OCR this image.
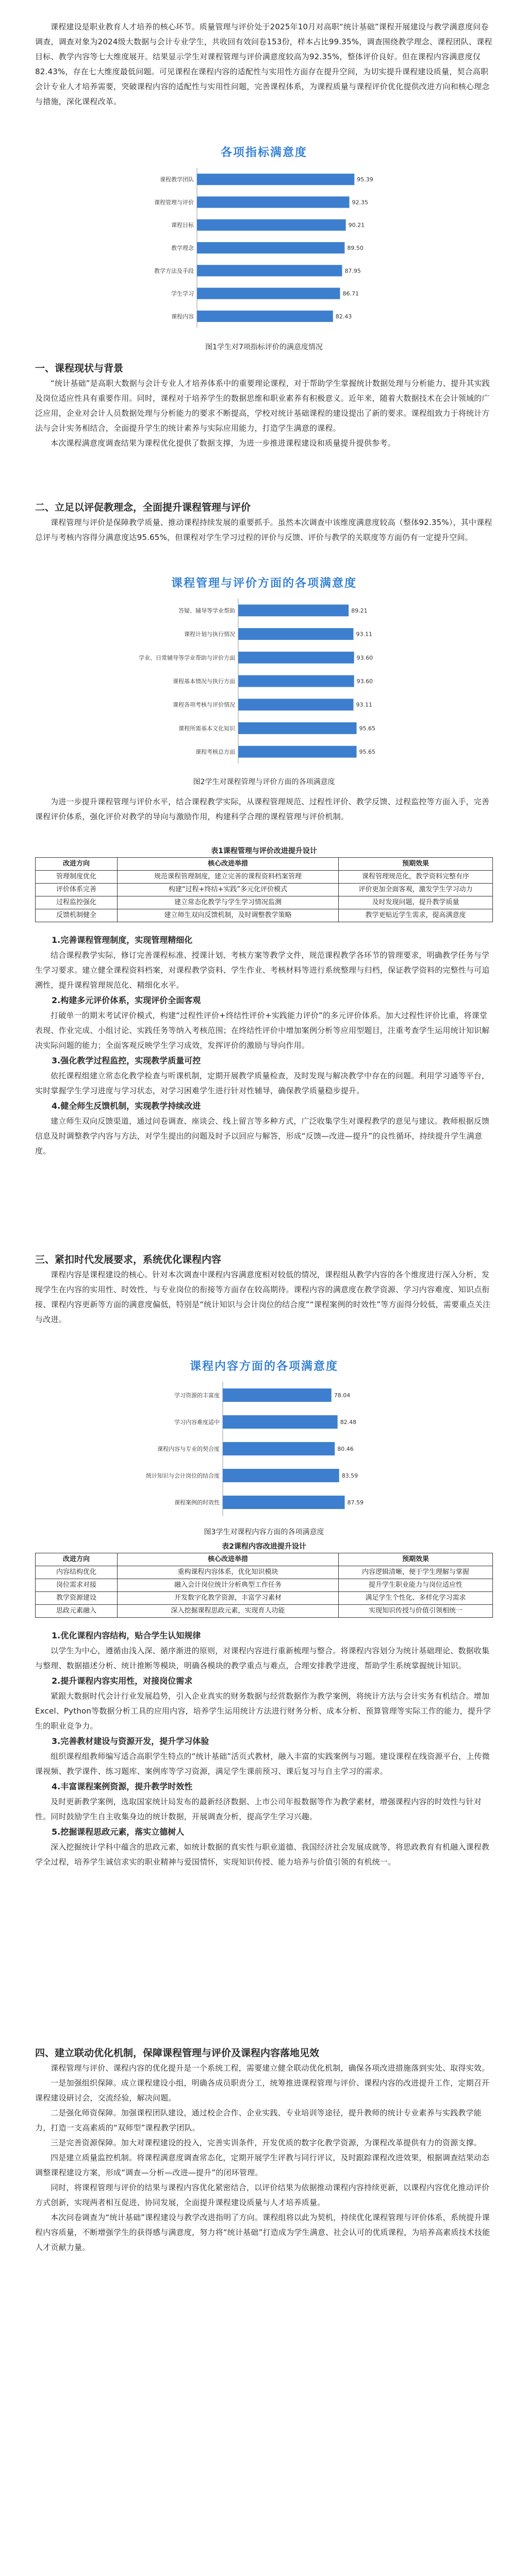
课程建设是职业教育人才培养的核心环节。质量管理与评价处于2025年10月对高职“统计基础”课程开展建设与教学满意度问卷调查，调查对象为2024级大数据与会计专业学生，共收回有效问卷153份，样本占比99.35%，调查围绕教学理念、课程团队、课程目标、教学内容等七大维度展开。结果显示学生对课程管理与评价满意度较高为92.35%，整体评价良好。但在课程内容满意度仅82.43%，存在七大维度最低问题。可见课程在课程内容的适配性与实用性方面存在提升空间，为切实提升课程建设质量，契合高职会计专业人才培养需要，突破课程内容的适配性与实用性问题，完善课程体系，为课程质量与课程评价优化提供改进方向和核心理念与措施，深化课程改革。

各项指标满意度
课程教学团队	95.39
课程管理与评价	92.35
课程目标	90.21
教学理念	89.50
教学方法及手段	87.95
学生学习	86.71
课程内容	82.43
图1学生对7项指标评价的满意度情况
一、课程现状与背景

“统计基础”是高职大数据与会计专业人才培养体系中的重要理论课程，对于帮助学生掌握统计数据处理与分析能力、提升其实践及岗位适应性具有重要作用。同时，课程对于培养学生的数据思维和职业素养有积极意义。近年来，随着大数据技术在会计领域的广泛应用，企业对会计人员数据处理与分析能力的要求不断提高，学校对统计基础课程的建设提出了新的要求。课程组致力于将统计方法与会计实务相结合，全面提升学生的统计素养与实际应用能力，打造学生满意的课程。

本次课程满意度调查结果为课程优化提供了数据支撑，为进一步推进课程建设和质量提升提供参考。

二、立足以评促教理念，全面提升课程管理与评价

课程管理与评价是保障教学质量、推动课程持续发展的重要抓手。虽然本次调查中该维度满意度较高（整体92.35%），其中课程总评与考核内容得分满意度达95.65%，但课程对学生学习过程的评价与反馈、评价与教学的关联度等方面仍有一定提升空间。

课程管理与评价方面的各项满意度
答疑、辅导等学业帮助	89.21
课程计划与执行情况	93.11
学业、日常辅导等学业帮助与评价方面	93.60
课程基本情况与执行方面	93.60
课程各项考核与评价情况	93.11
课程所需基本文化知识	95.65
课程考核总方面	95.65
图2学生对课程管理与评价方面的各项满意度

为进一步提升课程管理与评价水平，结合课程教学实际，从课程管理规范、过程性评价、教学反馈、过程监控等方面入手，完善课程评价体系，强化评价对教学的导向与激励作用，构建科学合理的课程管理与评价机制。

表1课程管理与评价改进提升设计
改进方向	核心改进举措	预期效果
管理制度优化	规范课程管理制度，建立完善的课程资料档案管理	课程管理规范化，教学资料完整有序
评价体系完善	构建“过程+终结+实践”多元化评价模式	评价更加全面客观，激发学生学习动力
过程监控强化	建立常态化教学与学生学习情况监测	及时发现问题，提升教学质量
反馈机制健全	建立师生双向反馈机制，及时调整教学策略	教学更贴近学生需求，提高满意度
1.完善课程管理制度，实现管理精细化

结合课程教学实际，修订完善课程标准、授课计划、考核方案等教学文件，规范课程教学各环节的管理要求，明确教学任务与学生学习要求。建立健全课程资料档案，对课程教学资料、学生作业、考核材料等进行系统整理与归档，保证教学资料的完整性与可追溯性，提升课程管理规范化、精细化水平。

2.构建多元评价体系，实现评价全面客观

打破单一的期末考试评价模式，构建“过程性评价+终结性评价+实践能力评价”的多元评价体系。加大过程性评价比重，将课堂表现、作业完成、小组讨论、实践任务等纳入考核范围；在终结性评价中增加案例分析等应用型题目，注重考查学生运用统计知识解决实际问题的能力；全面客观反映学生学习成效，发挥评价的激励与导向作用。

3.强化教学过程监控，实现教学质量可控

依托课程组建立常态化教学检查与听课机制，定期开展教学质量检查，及时发现与解决教学中存在的问题。利用学习通等平台，实时掌握学生学习进度与学习状态，对学习困难学生进行针对性辅导，确保教学质量稳步提升。

4.健全师生反馈机制，实现教学持续改进

建立师生双向反馈渠道，通过问卷调查、座谈会、线上留言等多种方式，广泛收集学生对课程教学的意见与建议。教师根据反馈信息及时调整教学内容与方法，对学生提出的问题及时予以回应与解答，形成“反馈—改进—提升”的良性循环，持续提升学生满意度。

三、紧扣时代发展要求，系统优化课程内容

课程内容是课程建设的核心。针对本次调查中课程内容满意度相对较低的情况，课程组从教学内容的各个维度进行深入分析，发现学生在内容的实用性、时效性、与专业岗位的衔接等方面存在较高期待。课程内容的满意度在教学资源、学习内容难度、知识点衔接、课程内容更新等方面的满意度偏低，特别是“统计知识与会计岗位的结合度”“课程案例的时效性”等方面得分较低，需要重点关注与改进。

课程内容方面的各项满意度
学习资源的丰富度	78.04
学习内容难度适中	82.48
课程内容与专业的契合度	80.46
统计知识与会计岗位的结合度	83.59
课程案例的时效性	87.59
图3学生对课程内容方面的各项满意度
表2课程内容改进提升设计
改进方向	核心改进举措	预期效果
内容结构优化	重构课程内容体系，优化知识模块	内容逻辑清晰，便于学生理解与掌握
岗位需求对接	融入会计岗位统计分析典型工作任务	提升学生职业能力与岗位适应性
教学资源建设	开发数字化教学资源，丰富学习素材	满足学生个性化、多样化学习需求
思政元素融入	深入挖掘课程思政元素，实现育人功能	实现知识传授与价值引领相统一
1.优化课程内容结构，贴合学生认知规律

以学生为中心，遵循由浅入深、循序渐进的原则，对课程内容进行重新梳理与整合。将课程内容划分为统计基础理论、数据收集与整理、数据描述分析、统计推断等模块，明确各模块的教学重点与难点，合理安排教学进度，帮助学生系统掌握统计知识。

2.提升课程内容实用性，对接岗位需求

紧跟大数据时代会计行业发展趋势，引入企业真实的财务数据与经营数据作为教学案例，将统计方法与会计实务有机结合。增加Excel、Python等数据分析工具的应用内容，培养学生运用统计方法进行财务分析、成本分析、预算管理等实际工作的能力，提升学生的职业竞争力。

3.完善教材建设与资源开发，提升学习体验

组织课程组教师编写适合高职学生特点的“统计基础”活页式教材，融入丰富的实践案例与习题。建设课程在线资源平台，上传微课视频、教学课件、练习题库、案例库等学习资源，满足学生课前预习、课后复习与自主学习的需求。

4.丰富课程案例资源，提升教学时效性

及时更新教学案例，选取国家统计局发布的最新经济数据、上市公司年报数据等作为教学素材，增强课程内容的时效性与针对性。同时鼓励学生自主收集身边的统计数据，开展调查分析，提高学生学习兴趣。

5.挖掘课程思政元素，落实立德树人

深入挖掘统计学科中蕴含的思政元素，如统计数据的真实性与职业道德、我国经济社会发展成就等，将思政教育有机融入课程教学全过程，培养学生诚信求实的职业精神与爱国情怀，实现知识传授、能力培养与价值引领的有机统一。

四、建立联动优化机制，保障课程管理与评价及课程内容落地见效

课程管理与评价、课程内容的优化提升是一个系统工程，需要建立健全联动优化机制，确保各项改进措施落到实处、取得实效。

一是加强组织保障。成立课程建设小组，明确各成员职责分工，统筹推进课程管理与评价、课程内容的改进提升工作，定期召开课程建设研讨会，交流经验，解决问题。

二是强化师资保障。加强课程团队建设，通过校企合作、企业实践、专业培训等途径，提升教师的统计专业素养与实践教学能力，打造一支高素质的“双师型”课程教学团队。

三是完善资源保障。加大对课程建设的投入，完善实训条件，开发优质的数字化教学资源，为课程改革提供有力的资源支撑。

四是建立质量监控机制。将课程满意度调查常态化，定期开展学生评教与同行评议，及时跟踪课程改进效果，根据调查结果动态调整课程建设方案，形成“调查—分析—改进—提升”的闭环管理。

同时，将课程管理与评价的结果与课程内容优化紧密结合，以评价结果为依据推动课程内容持续更新，以课程内容优化推动评价方式创新，实现两者相互促进、协同发展，全面提升课程建设质量与人才培养质量。

本次问卷调查为“统计基础”课程建设与教学改进指明了方向。课程组将以此为契机，持续优化课程管理与评价体系，系统提升课程内容质量，不断增强学生的获得感与满意度，努力将“统计基础”打造成为学生满意、社会认可的优质课程，为培养高素质技术技能人才贡献力量。
